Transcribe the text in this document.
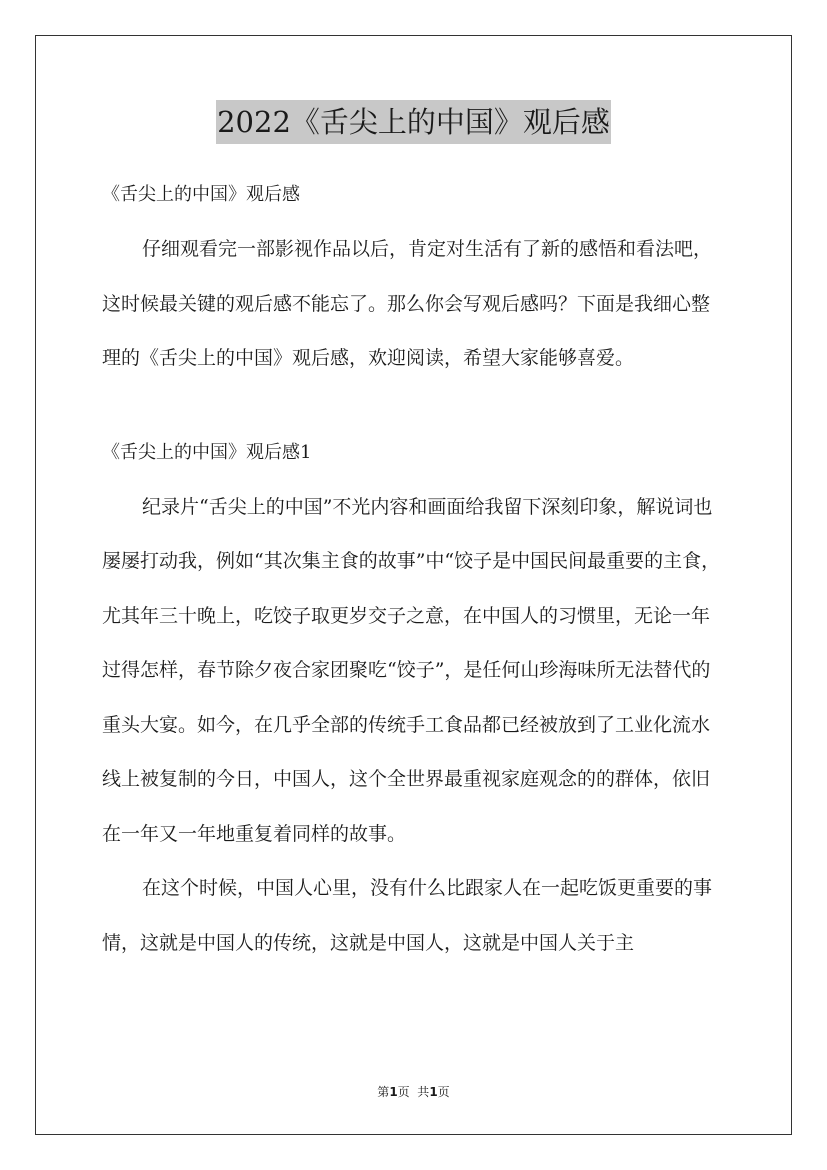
2022《舌尖上的中国》观后感
《舌尖上的中国》观后感

仔细观看完一部影视作品以后，肯定对生活有了新的感悟和看法吧，这时候最关键的观后感不能忘了。那么你会写观后感吗？下面是我细心整理的《舌尖上的中国》观后感，欢迎阅读，希望大家能够喜爱。

《舌尖上的中国》观后感1

纪录片“舌尖上的中国”不光内容和画面给我留下深刻印象，解说词也屡屡打动我，例如“其次集主食的故事”中“饺子是中国民间最重要的主食，尤其年三十晚上，吃饺子取更岁交子之意，在中国人的习惯里，无论一年过得怎样，春节除夕夜合家团聚吃“饺子”，是任何山珍海味所无法替代的重头大宴。如今，在几乎全部的传统手工食品都已经被放到了工业化流水线上被复制的今日，中国人，这个全世界最重视家庭观念的的群体，依旧在一年又一年地重复着同样的故事。

在这个时候，中国人心里，没有什么比跟家人在一起吃饭更重要的事情，这就是中国人的传统，这就是中国人，这就是中国人关于主

第1页  共1页
